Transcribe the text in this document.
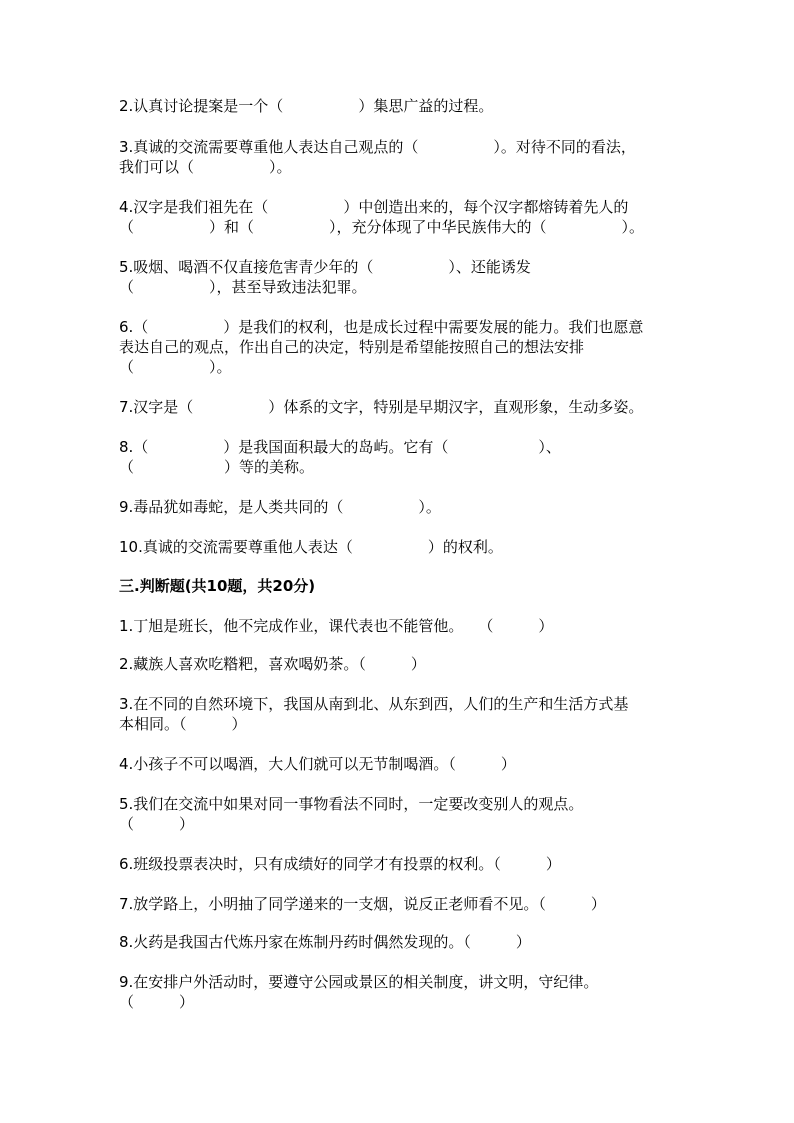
2.认真讨论提案是一个（　　　　　）集思广益的过程。
3.真诚的交流需要尊重他人表达自己观点的（　　　　　）。对待不同的看法，
我们可以（　　　　　）。
4.汉字是我们祖先在（　　　　　）中创造出来的，每个汉字都熔铸着先人的
（　　　　　）和（　　　　　），充分体现了中华民族伟大的（　　　　　）。
5.吸烟、喝酒不仅直接危害青少年的（　　　　　）、还能诱发
（　　　　　），甚至导致违法犯罪。
6.（　　　　　）是我们的权利，也是成长过程中需要发展的能力。我们也愿意
表达自己的观点，作出自己的决定，特别是希望能按照自己的想法安排
（　　　　　）。
7.汉字是（　　　　　）体系的文字，特别是早期汉字，直观形象，生动多姿。
8.（　　　　　）是我国面积最大的岛屿。它有（　　　　　　）、
（　　　　　　）等的美称。
9.毒品犹如毒蛇，是人类共同的（　　　　　）。
10.真诚的交流需要尊重他人表达（　　　　　）的权利。
三.判断题(共10题，共20分)
1.丁旭是班长，他不完成作业，课代表也不能管他。　　（　　　）
2.藏族人喜欢吃糌粑，喜欢喝奶茶。（　　　）
3.在不同的自然环境下，我国从南到北、从东到西，人们的生产和生活方式基
本相同。（　　　）
4.小孩子不可以喝酒，大人们就可以无节制喝酒。（　　　）
5.我们在交流中如果对同一事物看法不同时，一定要改变别人的观点。
（　　　）
6.班级投票表决时，只有成绩好的同学才有投票的权利。（　　　）
7.放学路上，小明抽了同学递来的一支烟，说反正老师看不见。（　　　）
8.火药是我国古代炼丹家在炼制丹药时偶然发现的。（　　　）
9.在安排户外活动时，要遵守公园或景区的相关制度，讲文明，守纪律。
（　　　）
